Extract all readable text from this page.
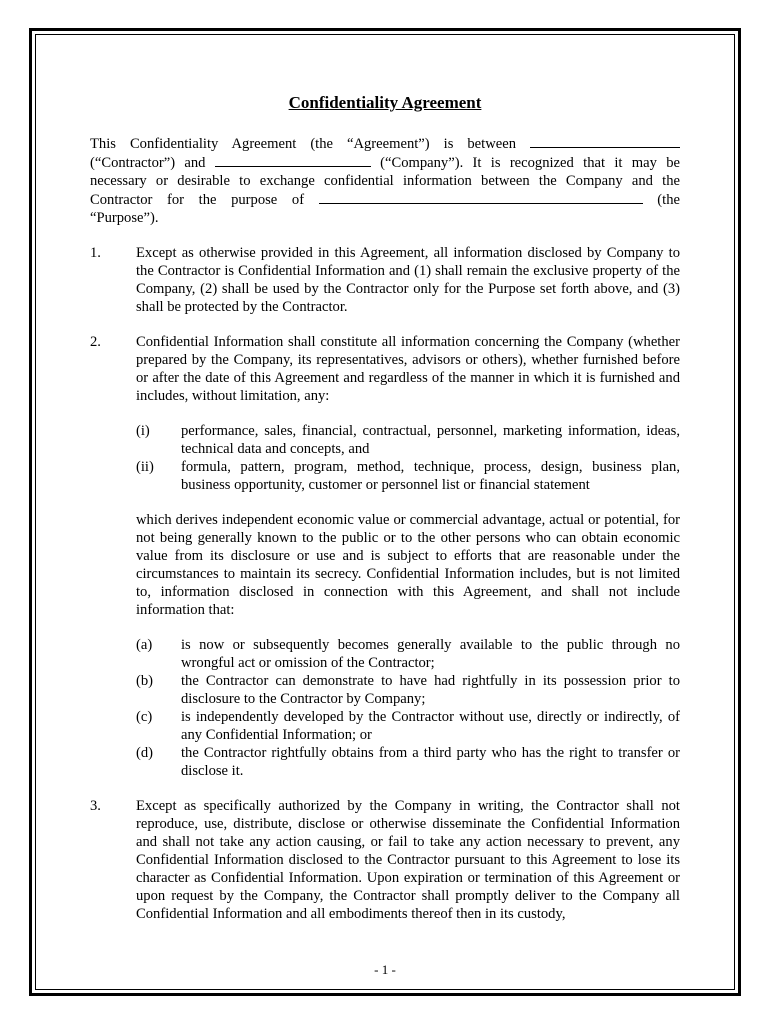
Confidentiality Agreement

This Confidentiality Agreement (the “Agreement”) is between  (“Contractor”) and	(“Company”). It is recognized that it may be necessary or desirable to exchange confidential information between the Company and the Contractor for the purpose of	(the “Purpose”).

1.	Except as otherwise provided in this Agreement, all information disclosed by Company to the Contractor is Confidential Information and (1) shall remain the exclusive property of the Company, (2) shall be used by the Contractor only for the Purpose set forth above, and (3) shall be protected by the Contractor.
2.	Confidential Information shall constitute all information concerning the Company (whether prepared by the Company, its representatives, advisors or others), whether furnished before or after the date of this Agreement and regardless of the manner in which it is furnished and includes, without limitation, any:
(i)	performance, sales, financial, contractual, personnel, marketing information, ideas, technical data and concepts, and
(ii)	formula, pattern, program, method, technique, process, design, business plan, business opportunity, customer or personnel list or financial statement

which derives independent economic value or commercial advantage, actual or potential, for not being generally known to the public or to the other persons who can obtain economic value from its disclosure or use and is subject to efforts that are reasonable under the circumstances to maintain its secrecy. Confidential Information includes, but is not limited to, information disclosed in connection with this Agreement, and shall not include information that:

(a)	is now or subsequently becomes generally available to the public through no wrongful act or omission of the Contractor;
(b)	the Contractor can demonstrate to have had rightfully in its possession prior to disclosure to the Contractor by Company;
(c)	is independently developed by the Contractor without use, directly or indirectly, of any Confidential Information; or
(d)	the Contractor rightfully obtains from a third party who has the right to transfer or disclose it.
3.	Except as specifically authorized by the Company in writing, the Contractor shall not reproduce, use, distribute, disclose or otherwise disseminate the Confidential Information and shall not take any action causing, or fail to take any action necessary to prevent, any Confidential Information disclosed to the Contractor pursuant to this Agreement to lose its character as Confidential Information. Upon expiration or termination of this Agreement or upon request by the Company, the Contractor shall promptly deliver to the Company all Confidential Information and all embodiments thereof then in its custody,
- 1 -
